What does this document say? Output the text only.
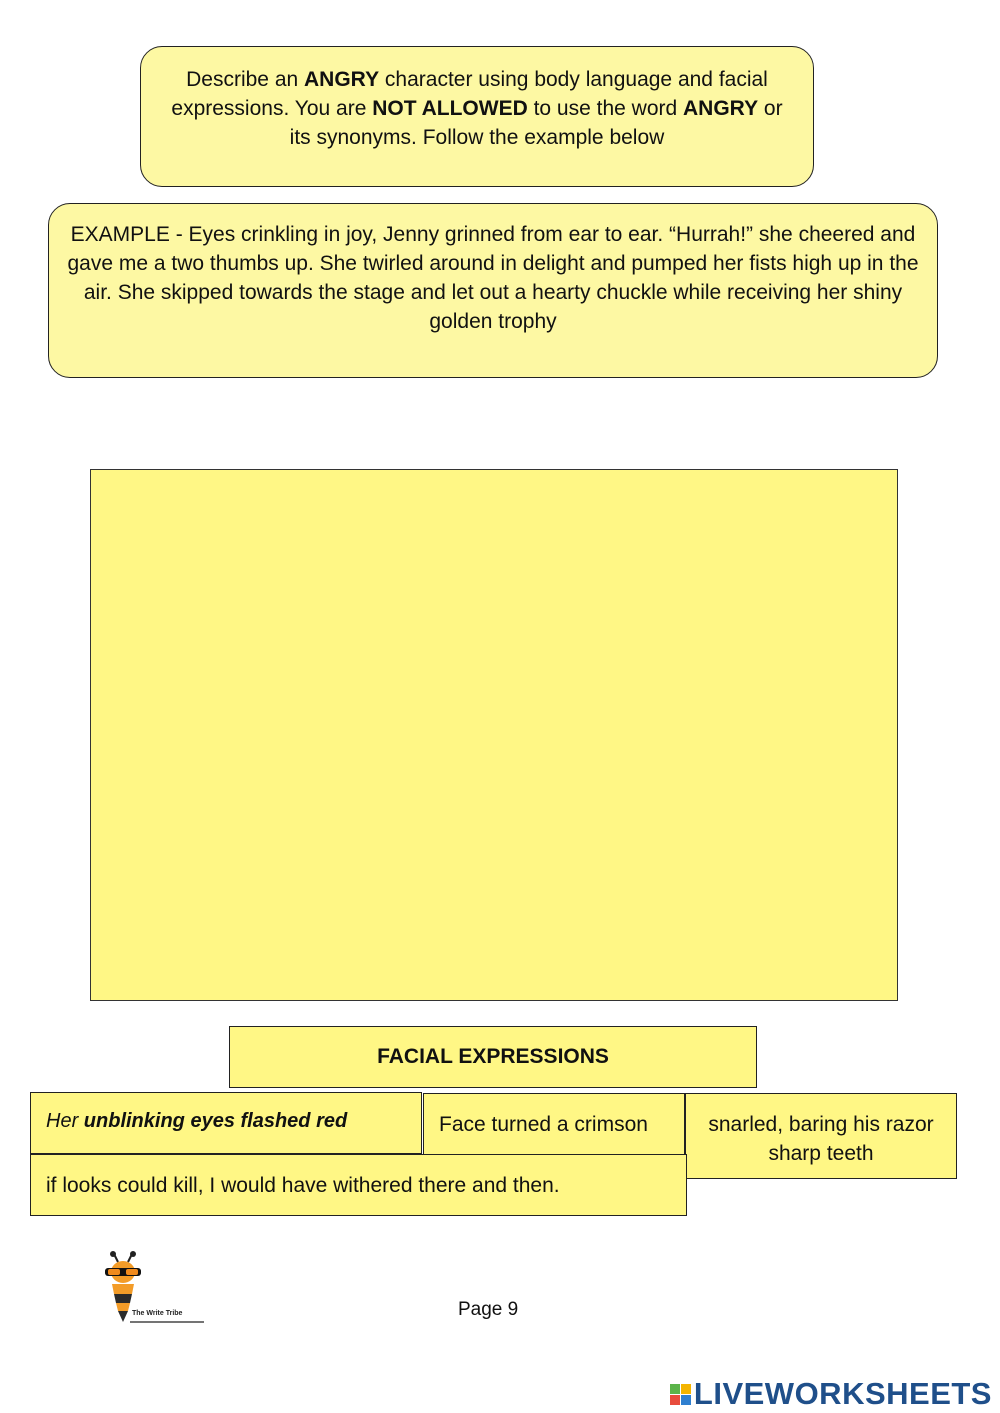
Describe an ANGRY character using body language and facial expressions. You are NOT ALLOWED to use the word ANGRY or its synonyms. Follow the example below
EXAMPLE - Eyes crinkling in joy, Jenny grinned from ear to ear. “Hurrah!” she cheered and gave me a two thumbs up. She twirled around in delight and pumped her fists high up in the air. She skipped towards the stage and let out a hearty chuckle while receiving her shiny golden trophy
FACIAL EXPRESSIONS
Her unblinking eyes flashed red	Face turned a crimson	snarled, baring his razor sharp teeth
if looks could kill, I would have withered there and then.
The Write Tribe	Page 9
LIVEWORKSHEETS
